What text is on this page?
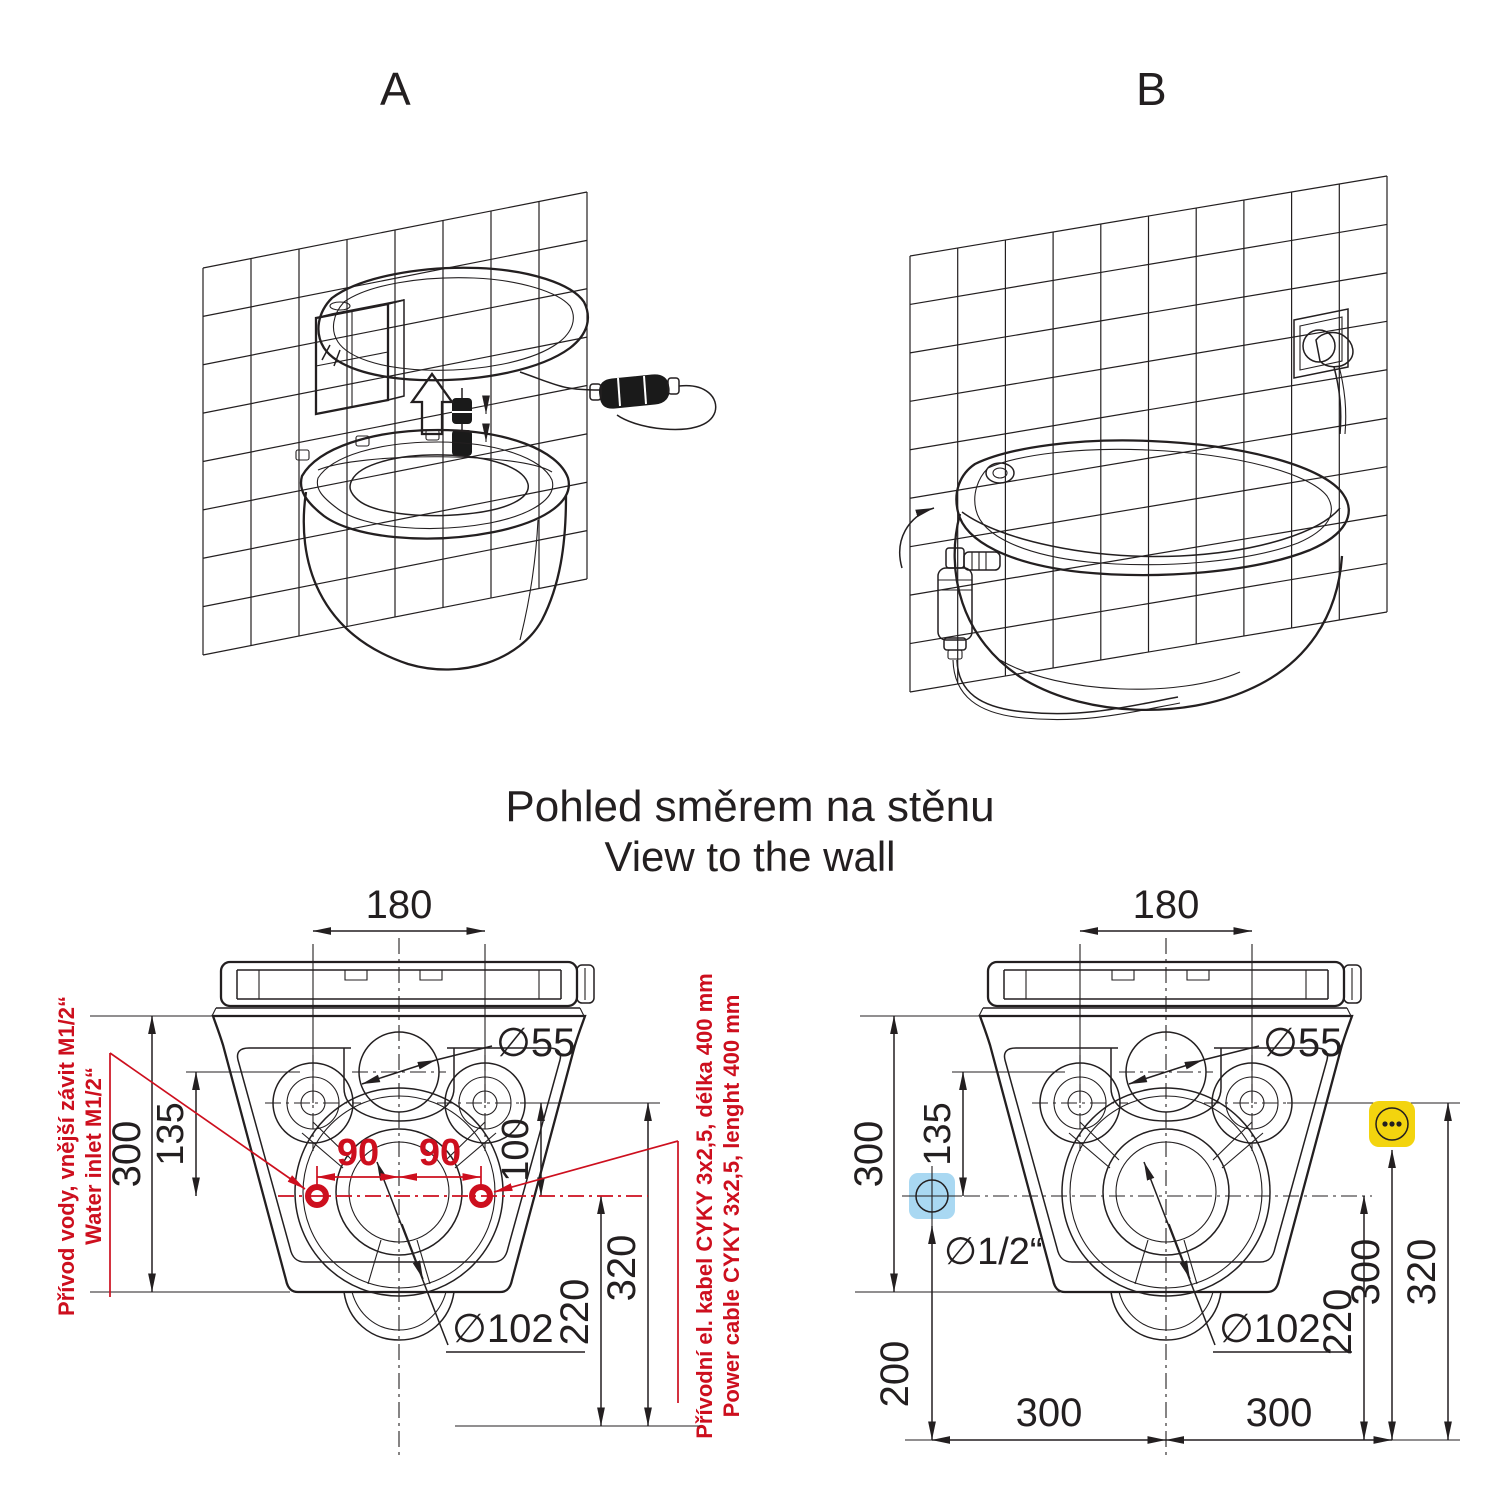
A	B
Pohled směrem na stěnu
View to the wall
Přívod vody, vnější závit M1/2“ Water inlet M1/2“	Přívodní el. kabel CYKY 3x2,5, délka 400 mm Power cable CYKY 3x2,5, lenght 400 mm
180
300 135	100
220
320
∅55
∅102
90 90
180
300 135
200
220
300 320
300	300
∅55
∅102
∅1/2“
